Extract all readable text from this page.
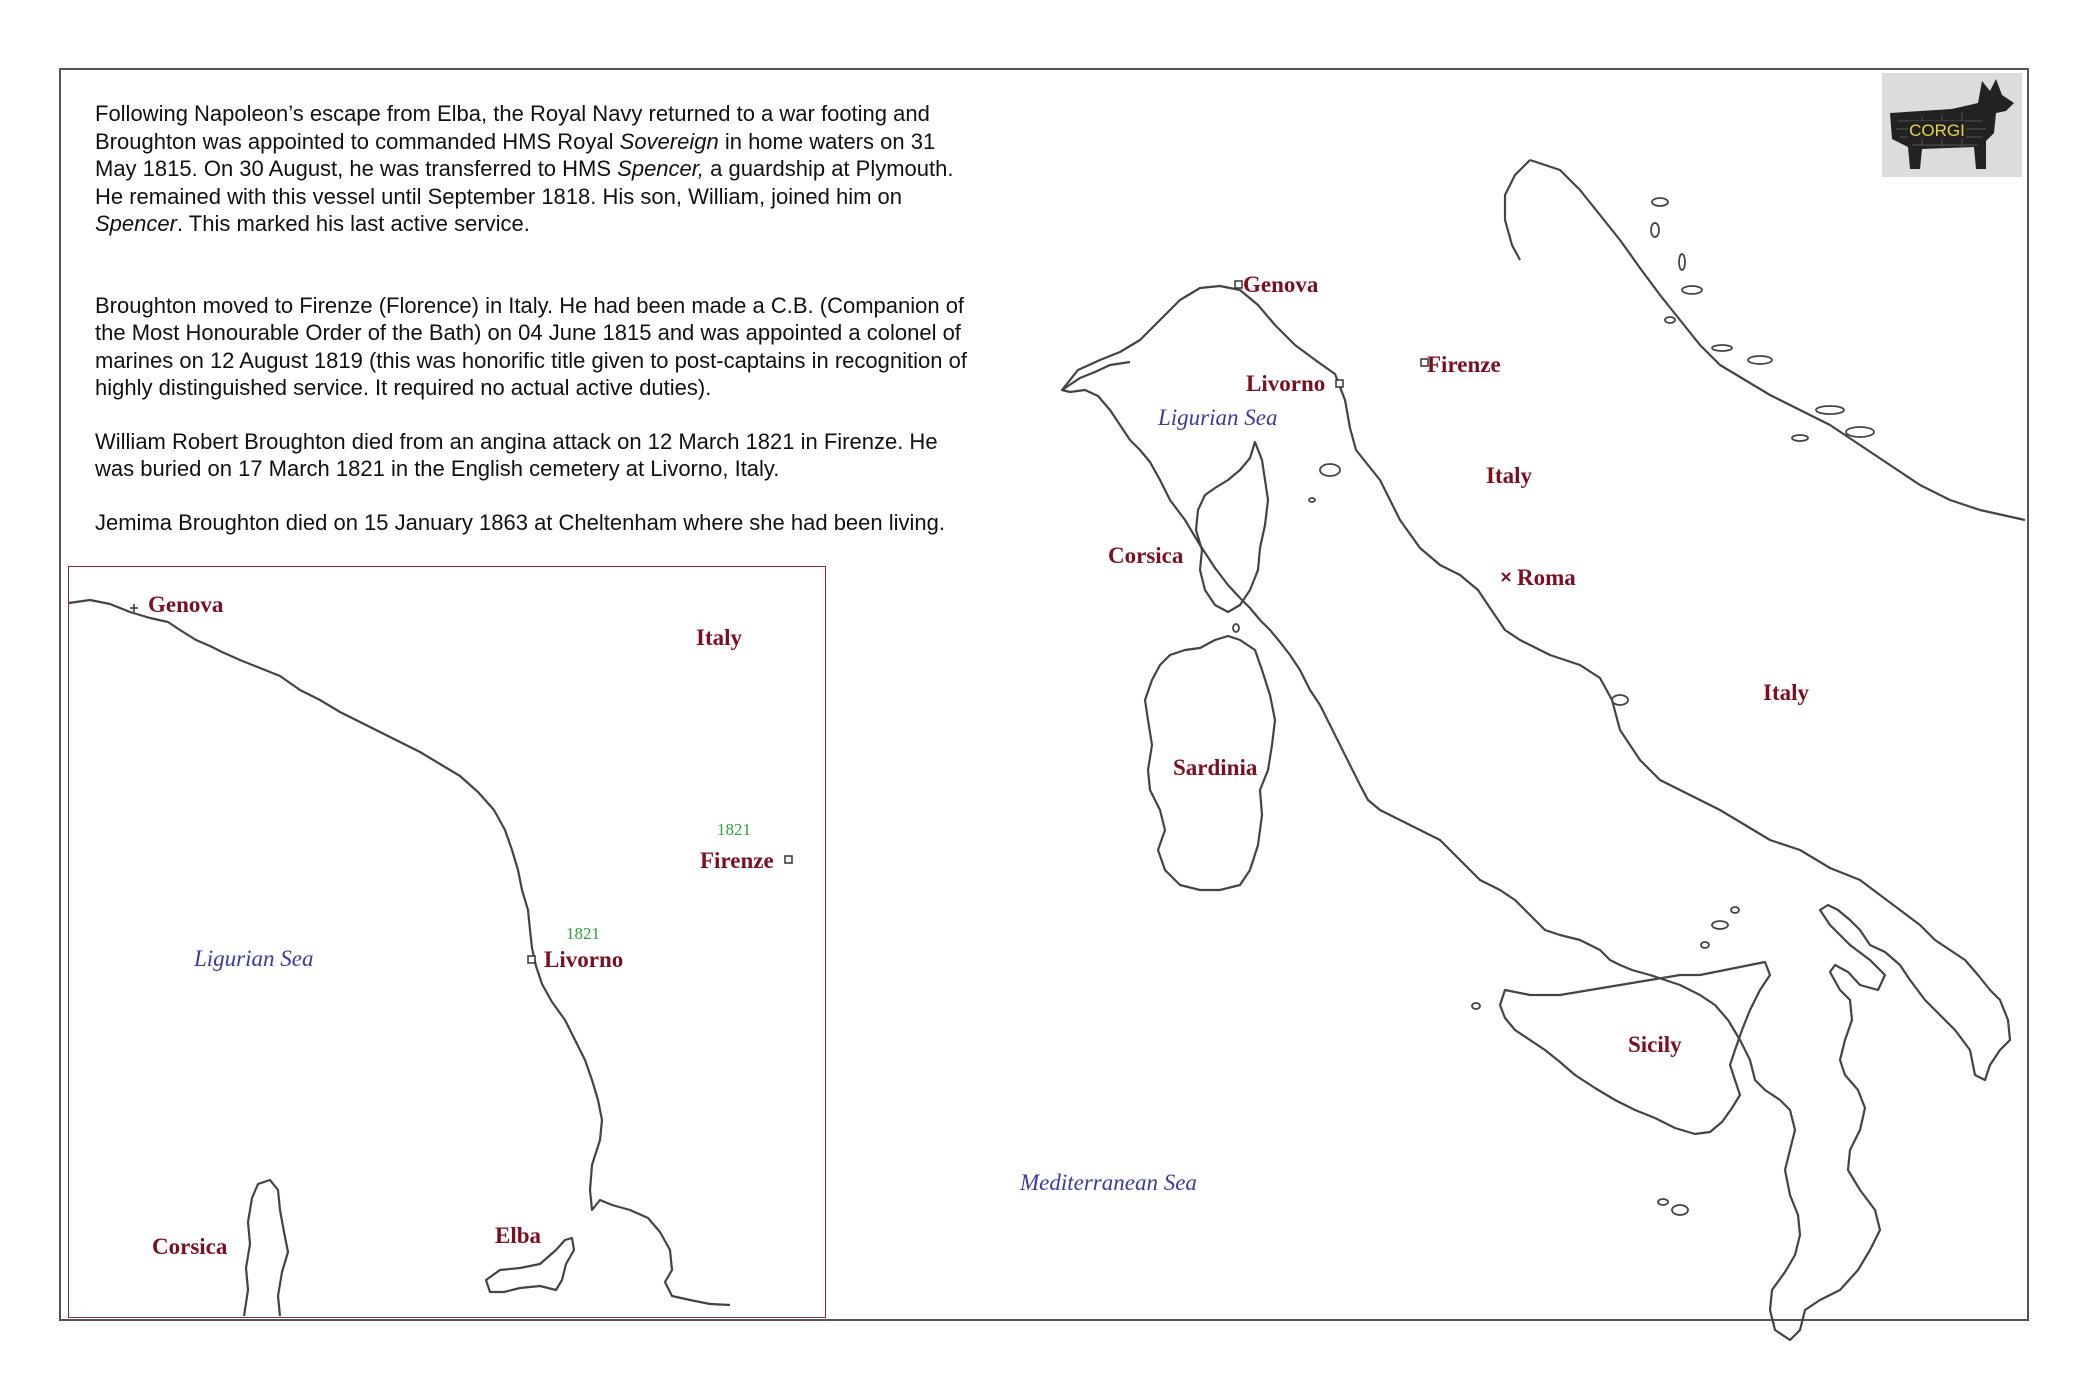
Following Napoleon’s escape from Elba, the Royal Navy returned to a war footing and

Broughton was appointed to commanded HMS Royal Sovereign in home waters on 31

May 1815. On 30 August, he was transferred to HMS Spencer, a guardship at Plymouth.

He remained with this vessel until September 1818. His son, William, joined him on

Spencer. This marked his last active service.

Broughton moved to Firenze (Florence) in Italy. He had been made a C.B. (Companion of

the Most Honourable Order of the Bath) on 04 June 1815 and was appointed a colonel of

marines on 12 August 1819 (this was honorific title given to post-captains in recognition of

highly distinguished service. It required no actual active duties).

William Robert Broughton died from an angina attack on 12 March 1821 in Firenze. He

was buried on 17 March 1821 in the English cemetery at Livorno, Italy.

Jemima Broughton died on 15 January 1863 at Cheltenham where she had been living.

CORGI
Genova
Livorno
Firenze
Ligurian Sea
Italy
Roma
Corsica
Sardinia
Italy
Sicily
Mediterranean Sea
Genova
Italy
1821
Firenze
1821
Livorno
Ligurian Sea
Corsica	Elba
